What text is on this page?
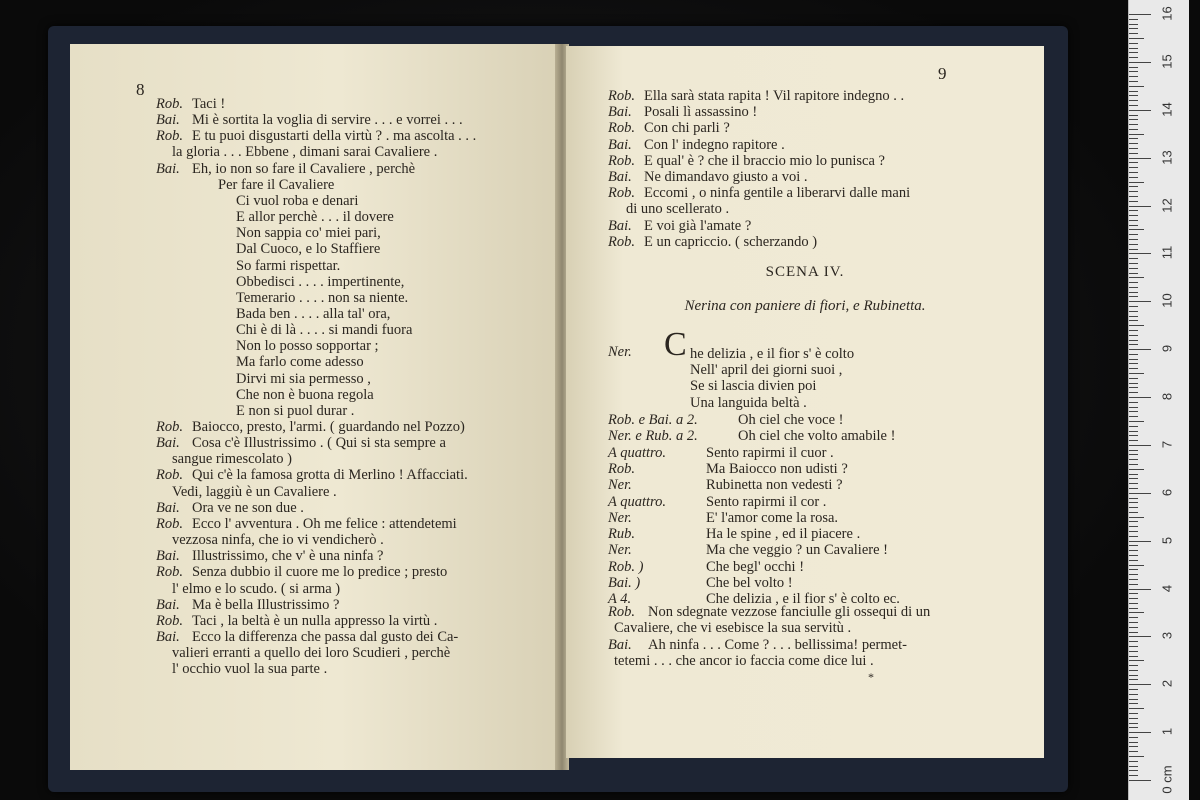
8
Rob. Taci !
Bai. Mi è sortita la voglia di servire . . . e vorrei . . .
Rob. E tu puoi disgustarti della virtù ? . ma ascolta . . .
la gloria . . . Ebbene , dimani sarai Cavaliere .
Bai. Eh, io non so fare il Cavaliere , perchè
Per fare il Cavaliere
Ci vuol roba e denari
E allor perchè . . . il dovere
Non sappia co' miei pari,
Dal Cuoco, e lo Staffiere
So farmi rispettar.
Obbedisci . . . . impertinente,
Temerario . . . . non sa niente.
Bada ben . . . . alla tal' ora,
Chi è di là . . . . si mandi fuora
Non lo posso sopportar ;
Ma farlo come adesso
Dirvi mi sia permesso ,
Che non è buona regola
E non si puol durar .
Rob. Baiocco, presto, l'armi. ( guardando nel Pozzo)
Bai. Cosa c'è Illustrissimo . ( Qui si sta sempre a
sangue rimescolato )
Rob. Qui c'è la famosa grotta di Merlino ! Affacciati.
Vedi, laggiù è un Cavaliere .
Bai. Ora ve ne son due .
Rob. Ecco l' avventura . Oh me felice : attendetemi
vezzosa ninfa, che io vi vendicherò .
Bai. Illustrissimo, che v' è una ninfa ?
Rob. Senza dubbio il cuore me lo predice ; presto
l' elmo e lo scudo. ( si arma )
Bai. Ma è bella Illustrissimo ?
Rob. Taci , la beltà è un nulla appresso la virtù .
Bai. Ecco la differenza che passa dal gusto dei Ca-
valieri erranti a quello dei loro Scudieri , perchè
l' occhio vuol la sua parte .
9
Rob. Ella sarà stata rapita ! Vil rapitore indegno . .
Bai. Posali lì assassino !
Rob. Con chi parli ?
Bai. Con l' indegno rapitore .
Rob. E qual' è ? che il braccio mio lo punisca ?
Bai. Ne dimandavo giusto a voi .
Rob. Eccomi , o ninfa gentile a liberarvi dalle mani
di uno scellerato .
Bai. E voi già l'amate ?
Rob. E un capriccio. ( scherzando )
SCENA IV.
Nerina con paniere di fiori, e Rubinetta.
Ner. C he delizia , e il fior s' è colto
Nell' april dei giorni suoi ,
Se si lascia divien poi
Una languida beltà .
Rob. e Bai. a 2.	Oh ciel che voce !
Ner. e Rub. a 2.	Oh ciel che volto amabile !
A quattro.	Sento rapirmi il cuor .
Rob.	Ma Baiocco non udisti ?
Ner.	Rubinetta non vedesti ?
A quattro.	Sento rapirmi il cor .
Ner.	E' l'amor come la rosa.
Rub.	Ha le spine , ed il piacere .
Ner.	Ma che veggio ? un Cavaliere !
Rob. )	Che begl' occhi !
Bai. )	Che bel volto !
A 4.	Che delizia , e il fior s' è colto ec.
Rob. Non sdegnate vezzose fanciulle gli ossequi di un
Cavaliere, che vi esebisce la sua servitù .
Bai. Ah ninfa . . . Come ? . . . bellissima! permet-
tetemi . . . che ancor io faccia come dice lui .
*
0 cm
1
2
3
4
5
6
7
8
9
10
11
12
13
14
15
16
